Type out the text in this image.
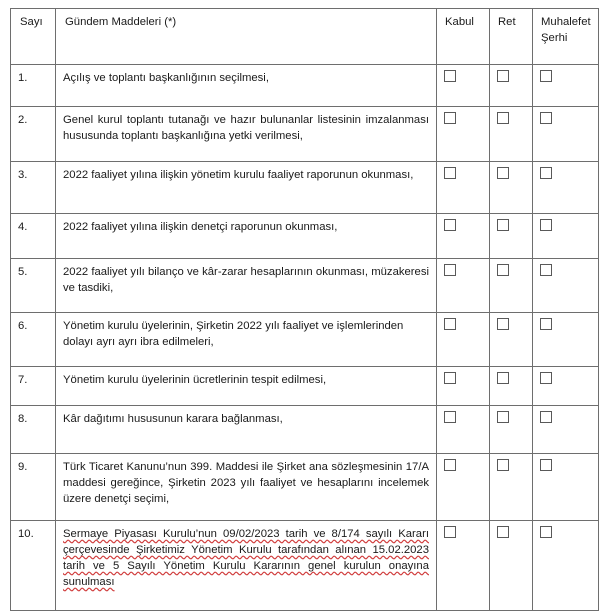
Sayı	Gündem Maddeleri (*)	Kabul	Ret	Muhalefet
Şerhi
1.	Açılış ve toplantı başkanlığının seçilmesi,			

2.	Genel kurul toplantı tutanağı ve hazır bulunanlar listesinin imzalanması hususunda toplantı başkanlığına yetki verilmesi,			

3.	2022 faaliyet yılına ilişkin yönetim kurulu faaliyet raporunun okunması,			

4.	2022 faaliyet yılına ilişkin denetçi raporunun okunması,			

5.	2022 faaliyet yılı bilanço ve kâr-zarar hesaplarının okunması, müzakeresi ve tasdiki,			

6.	Yönetim kurulu üyelerinin, Şirketin 2022 yılı faaliyet ve işlemlerinden dolayı ayrı ayrı ibra edilmeleri,			

7.	Yönetim kurulu üyelerinin ücretlerinin tespit edilmesi,			

8.	Kâr dağıtımı hususunun karara bağlanması,			

9.	Türk Ticaret Kanunu’nun 399. Maddesi ile Şirket ana sözleşmesinin 17/A maddesi gereğince, Şirketin 2023 yılı faaliyet ve hesaplarını incelemek üzere denetçi seçimi,			

10.	Sermaye Piyasası Kurulu’nun 09/02/2023 tarih ve 8/174 sayılı Kararı çerçevesinde Şirketimiz Yönetim Kurulu tarafından alınan 15.02.2023 tarih ve 5 Sayılı Yönetim Kurulu Kararının genel kurulun onayına sunulması			
